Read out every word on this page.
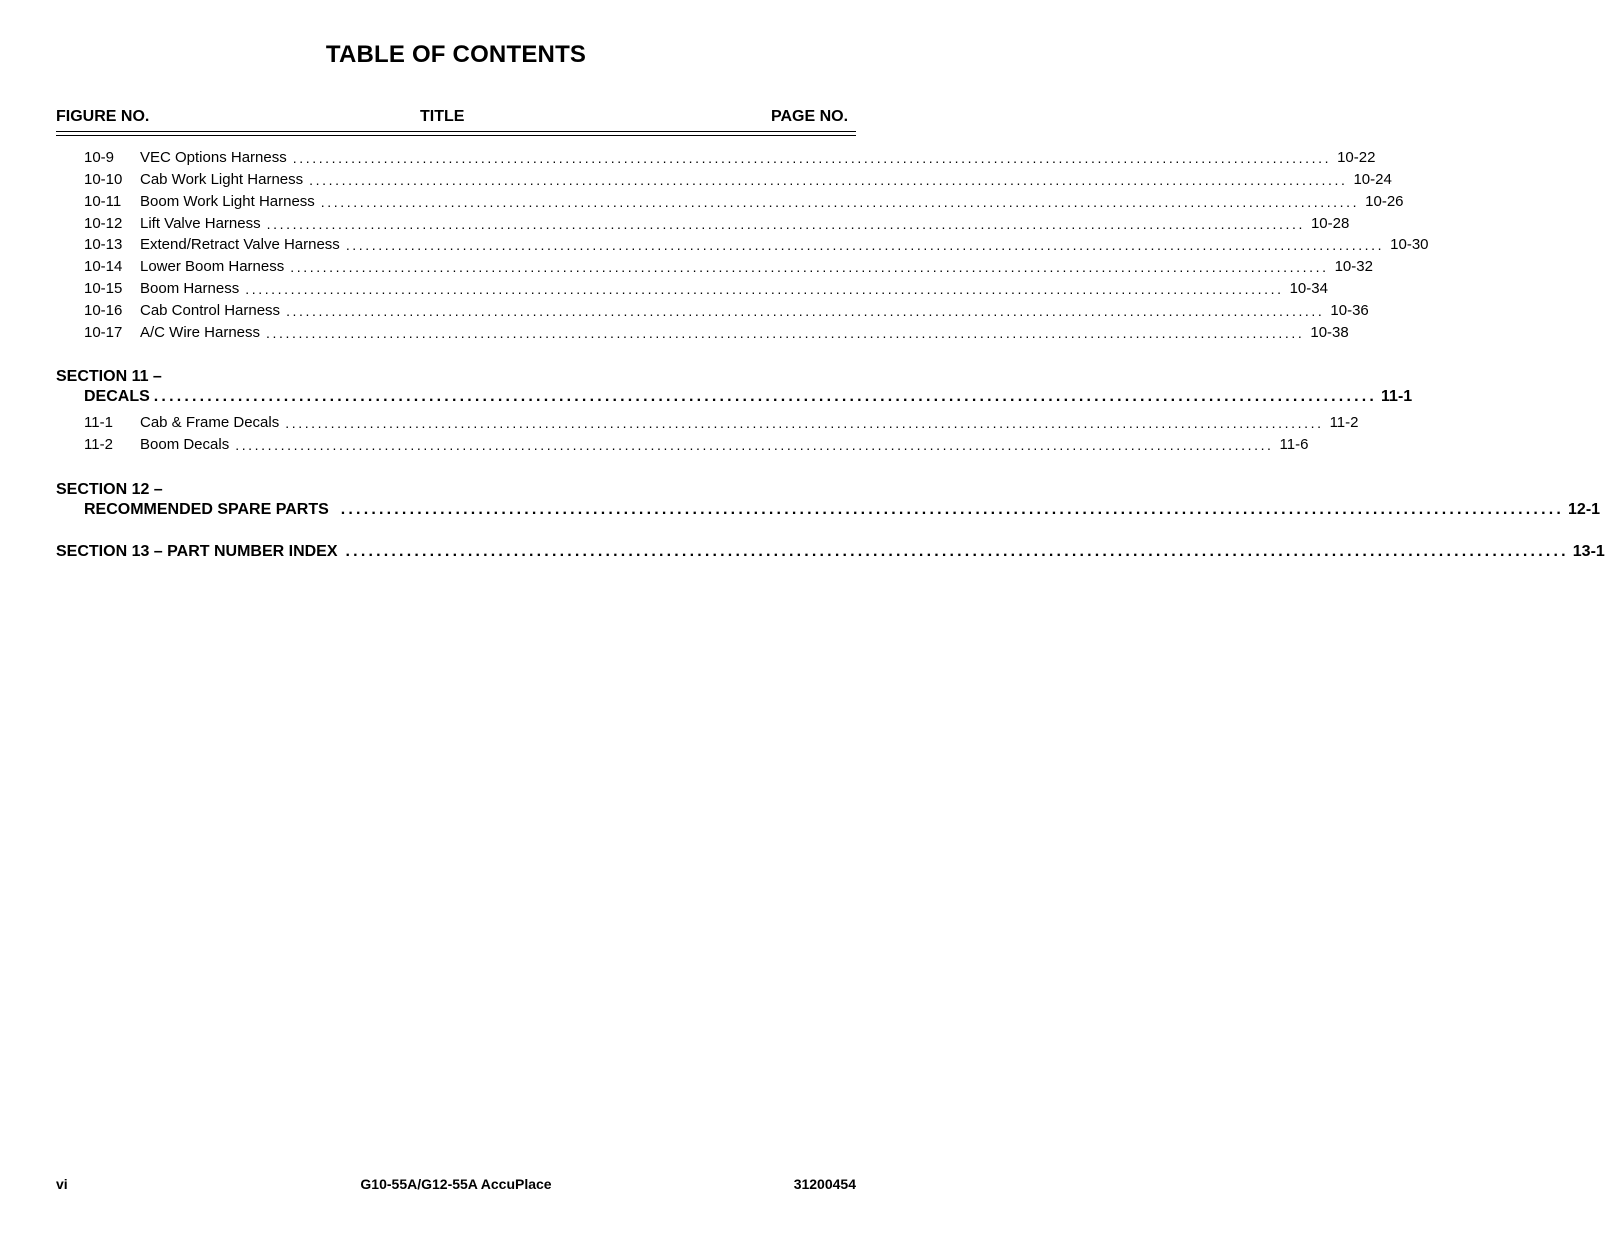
TABLE OF CONTENTS
FIGURE NO.	TITLE	PAGE NO.
10-9	VEC Options Harness ................................................................................................................................................................ 10-22
10-10	Cab Work Light Harness ................................................................................................................................................................ 10-24
10-11	Boom Work Light Harness ................................................................................................................................................................ 10-26
10-12	Lift Valve Harness ................................................................................................................................................................ 10-28
10-13	Extend/Retract Valve Harness ................................................................................................................................................................ 10-30
10-14	Lower Boom Harness ................................................................................................................................................................ 10-32
10-15	Boom Harness ................................................................................................................................................................ 10-34
10-16	Cab Control Harness ................................................................................................................................................................ 10-36
10-17	A/C Wire Harness ................................................................................................................................................................ 10-38
SECTION 11 –
DECALS ................................................................................................................................................................ 11-1
11-1	Cab & Frame Decals ................................................................................................................................................................ 11-2
11-2	Boom Decals ................................................................................................................................................................ 11-6
SECTION 12 –
RECOMMENDED SPARE PARTS ................................................................................................................................................................ 12-1
SECTION 13 – PART NUMBER INDEX ................................................................................................................................................................ 13-1
vi	G10-55A/G12-55A AccuPlace	31200454
